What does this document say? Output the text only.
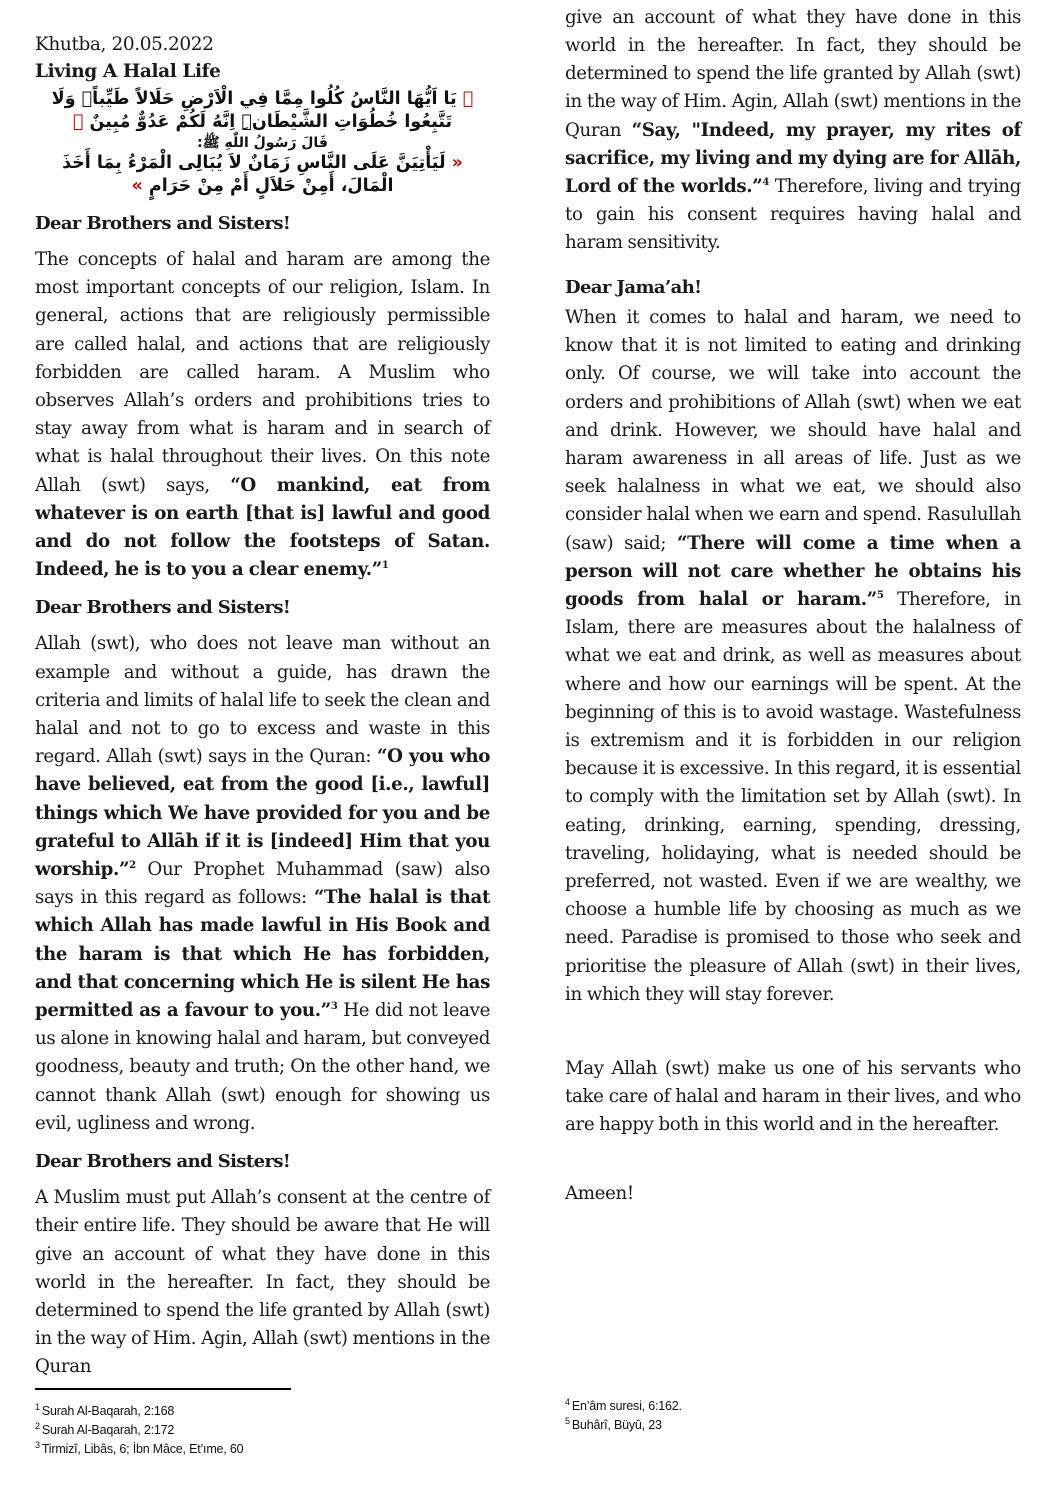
Khutba, 20.05.2022

Living A Halal Life

﴿ يَا اَيُّهَا النَّاسُ كُلُوا مِمَّا فِي الْاَرْضِ حَلَالاً طَيِّباًۘ وَلَا تَتَّبِعُوا خُطُوَاتِ الشَّيْطَانِۜ اِنَّهُ لَكُمْ عَدُوٌّ مُبِينٌ ﴾

قَالَ رَسُولُ اللّٰهِ ﷺ:

« لَيَأْتِيَنَّ عَلَى النَّاسِ زَمَانٌ لاَ يُبَالِى الْمَرْءُ بِمَا أَخَذَ الْمَالَ، أَمِنْ حَلاَلٍ أَمْ مِنْ حَرَامٍ »

Dear Brothers and Sisters!

The concepts of halal and haram are among the most important concepts of our religion, Islam. In general, actions that are religiously permissible are called halal, and actions that are religiously forbidden are called haram. A Muslim who observes Allah’s orders and prohibitions tries to stay away from what is haram and in search of what is halal throughout their lives. On this note Allah (swt) says, “O mankind, eat from whatever is on earth [that is] lawful and good and do not follow the footsteps of Satan. Indeed, he is to you a clear enemy.”$^1$

Dear Brothers and Sisters!

Allah (swt), who does not leave man without an example and without a guide, has drawn the criteria and limits of halal life to seek the clean and halal and not to go to excess and waste in this regard. Allah (swt) says in the Quran: “O you who have believed, eat from the good [i.e., lawful] things which We have provided for you and be grateful to Allāh if it is [indeed] Him that you worship.”$^2$ Our Prophet Muhammad (saw) also says in this regard as follows: “The halal is that which Allah has made lawful in His Book and the haram is that which He has forbidden, and that concerning which He is silent He has permitted as a favour to you.”$^3$ He did not leave us alone in knowing halal and haram, but conveyed goodness, beauty and truth; On the other hand, we cannot thank Allah (swt) enough for showing us evil, ugliness and wrong.

Dear Brothers and Sisters!

A Muslim must put Allah’s consent at the centre of their entire life. They should be aware that He will give an account of what they have done in this world in the hereafter. In fact, they should be determined to spend the life granted by Allah (swt) in the way of Him. Agin, Allah (swt) mentions in the Quran

give an account of what they have done in this world in the hereafter. In fact, they should be determined to spend the life granted by Allah (swt) in the way of Him. Agin, Allah (swt) mentions in the Quran “Say, "Indeed, my prayer, my rites of sacrifice, my living and my dying are for Allāh, Lord of the worlds.”$^4$ Therefore, living and trying to gain his consent requires having halal and haram sensitivity.

Dear Jama’ah!

When it comes to halal and haram, we need to know that it is not limited to eating and drinking only. Of course, we will take into account the orders and prohibitions of Allah (swt) when we eat and drink. However, we should have halal and haram awareness in all areas of life. Just as we seek halalness in what we eat, we should also consider halal when we earn and spend. Rasulullah (saw) said; “There will come a time when a person will not care whether he obtains his goods from halal or haram.”$^5$ Therefore, in Islam, there are measures about the halalness of what we eat and drink, as well as measures about where and how our earnings will be spent. At the beginning of this is to avoid wastage. Wastefulness is extremism and it is forbidden in our religion because it is excessive. In this regard, it is essential to comply with the limitation set by Allah (swt). In eating, drinking, earning, spending, dressing, traveling, holidaying, what is needed should be preferred, not wasted. Even if we are wealthy, we choose a humble life by choosing as much as we need. Paradise is promised to those who seek and prioritise the pleasure of Allah (swt) in their lives, in which they will stay forever.

May Allah (swt) make us one of his servants who take care of halal and haram in their lives, and who are happy both in this world and in the hereafter.

Ameen!

$^1$ Surah Al-Baqarah, 2:168
$^2$ Surah Al-Baqarah, 2:172
$^3$ Tirmizî, Libâs, 6; İbn Mâce, Et’ıme, 60
$^4$ En’âm suresi, 6:162.
$^5$ Buhârî, Büyû, 23
